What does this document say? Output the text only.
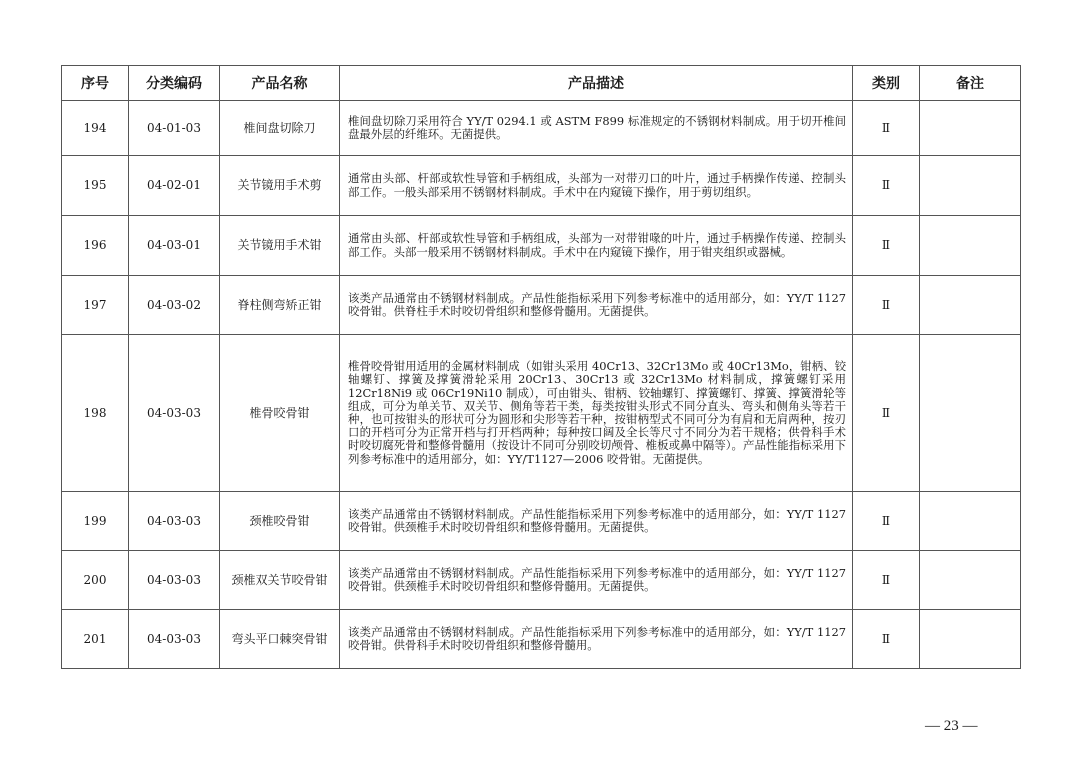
序号	分类编码	产品名称	产品描述	类别	备注
194	04-01-03	椎间盘切除刀	椎间盘切除刀采用符合 YY/T 0294.1 或 ASTM F899 标准规定的不锈钢材料制成。用于切开椎间盘最外层的纤维环。无菌提供。	Ⅱ	
195	04-02-01	关节镜用手术剪	通常由头部、杆部或软性导管和手柄组成，头部为一对带刃口的叶片，通过手柄操作传递、控制头部工作。一般头部采用不锈钢材料制成。手术中在内窥镜下操作，用于剪切组织。	Ⅱ	
196	04-03-01	关节镜用手术钳	通常由头部、杆部或软性导管和手柄组成，头部为一对带钳喙的叶片，通过手柄操作传递、控制头部工作。头部一般采用不锈钢材料制成。手术中在内窥镜下操作，用于钳夹组织或器械。	Ⅱ	
197	04-03-02	脊柱侧弯矫正钳	该类产品通常由不锈钢材料制成。产品性能指标采用下列参考标准中的适用部分，如：YY/T 1127 咬骨钳。供脊柱手术时咬切骨组织和整修骨髓用。无菌提供。	Ⅱ	
198	04-03-03	椎骨咬骨钳	椎骨咬骨钳用适用的金属材料制成（如钳头采用 40Cr13、32Cr13Mo 或 40Cr13Mo，钳柄、铰轴螺钉、撑簧及撑簧滑轮采用 20Cr13、30Cr13 或 32Cr13Mo 材料制成，撑簧螺钉采用 12Cr18Ni9 或 06Cr19Ni10 制成），可由钳头、钳柄、铰轴螺钉、撑簧螺钉、撑簧、撑簧滑轮等组成，可分为单关节、双关节、侧角等若干类，每类按钳头形式不同分直头、弯头和侧角头等若干种，也可按钳头的形状可分为圆形和尖形等若干种，按钳柄型式不同可分为有肩和无肩两种，按刃口的开档可分为正常开档与打开档两种；每种按口阔及全长等尺寸不同分为若干规格；供骨科手术时咬切腐死骨和整修骨髓用（按设计不同可分别咬切颅骨、椎板或鼻中隔等）。产品性能指标采用下列参考标准中的适用部分，如：YY/T1127—2006 咬骨钳。无菌提供。	Ⅱ	
199	04-03-03	颈椎咬骨钳	该类产品通常由不锈钢材料制成。产品性能指标采用下列参考标准中的适用部分，如：YY/T 1127 咬骨钳。供颈椎手术时咬切骨组织和整修骨髓用。无菌提供。	Ⅱ	
200	04-03-03	颈椎双关节咬骨钳	该类产品通常由不锈钢材料制成。产品性能指标采用下列参考标准中的适用部分，如：YY/T 1127 咬骨钳。供颈椎手术时咬切骨组织和整修骨髓用。无菌提供。	Ⅱ	
201	04-03-03	弯头平口棘突骨钳	该类产品通常由不锈钢材料制成。产品性能指标采用下列参考标准中的适用部分，如：YY/T 1127 咬骨钳。供骨科手术时咬切骨组织和整修骨髓用。	Ⅱ	
— 23 —
